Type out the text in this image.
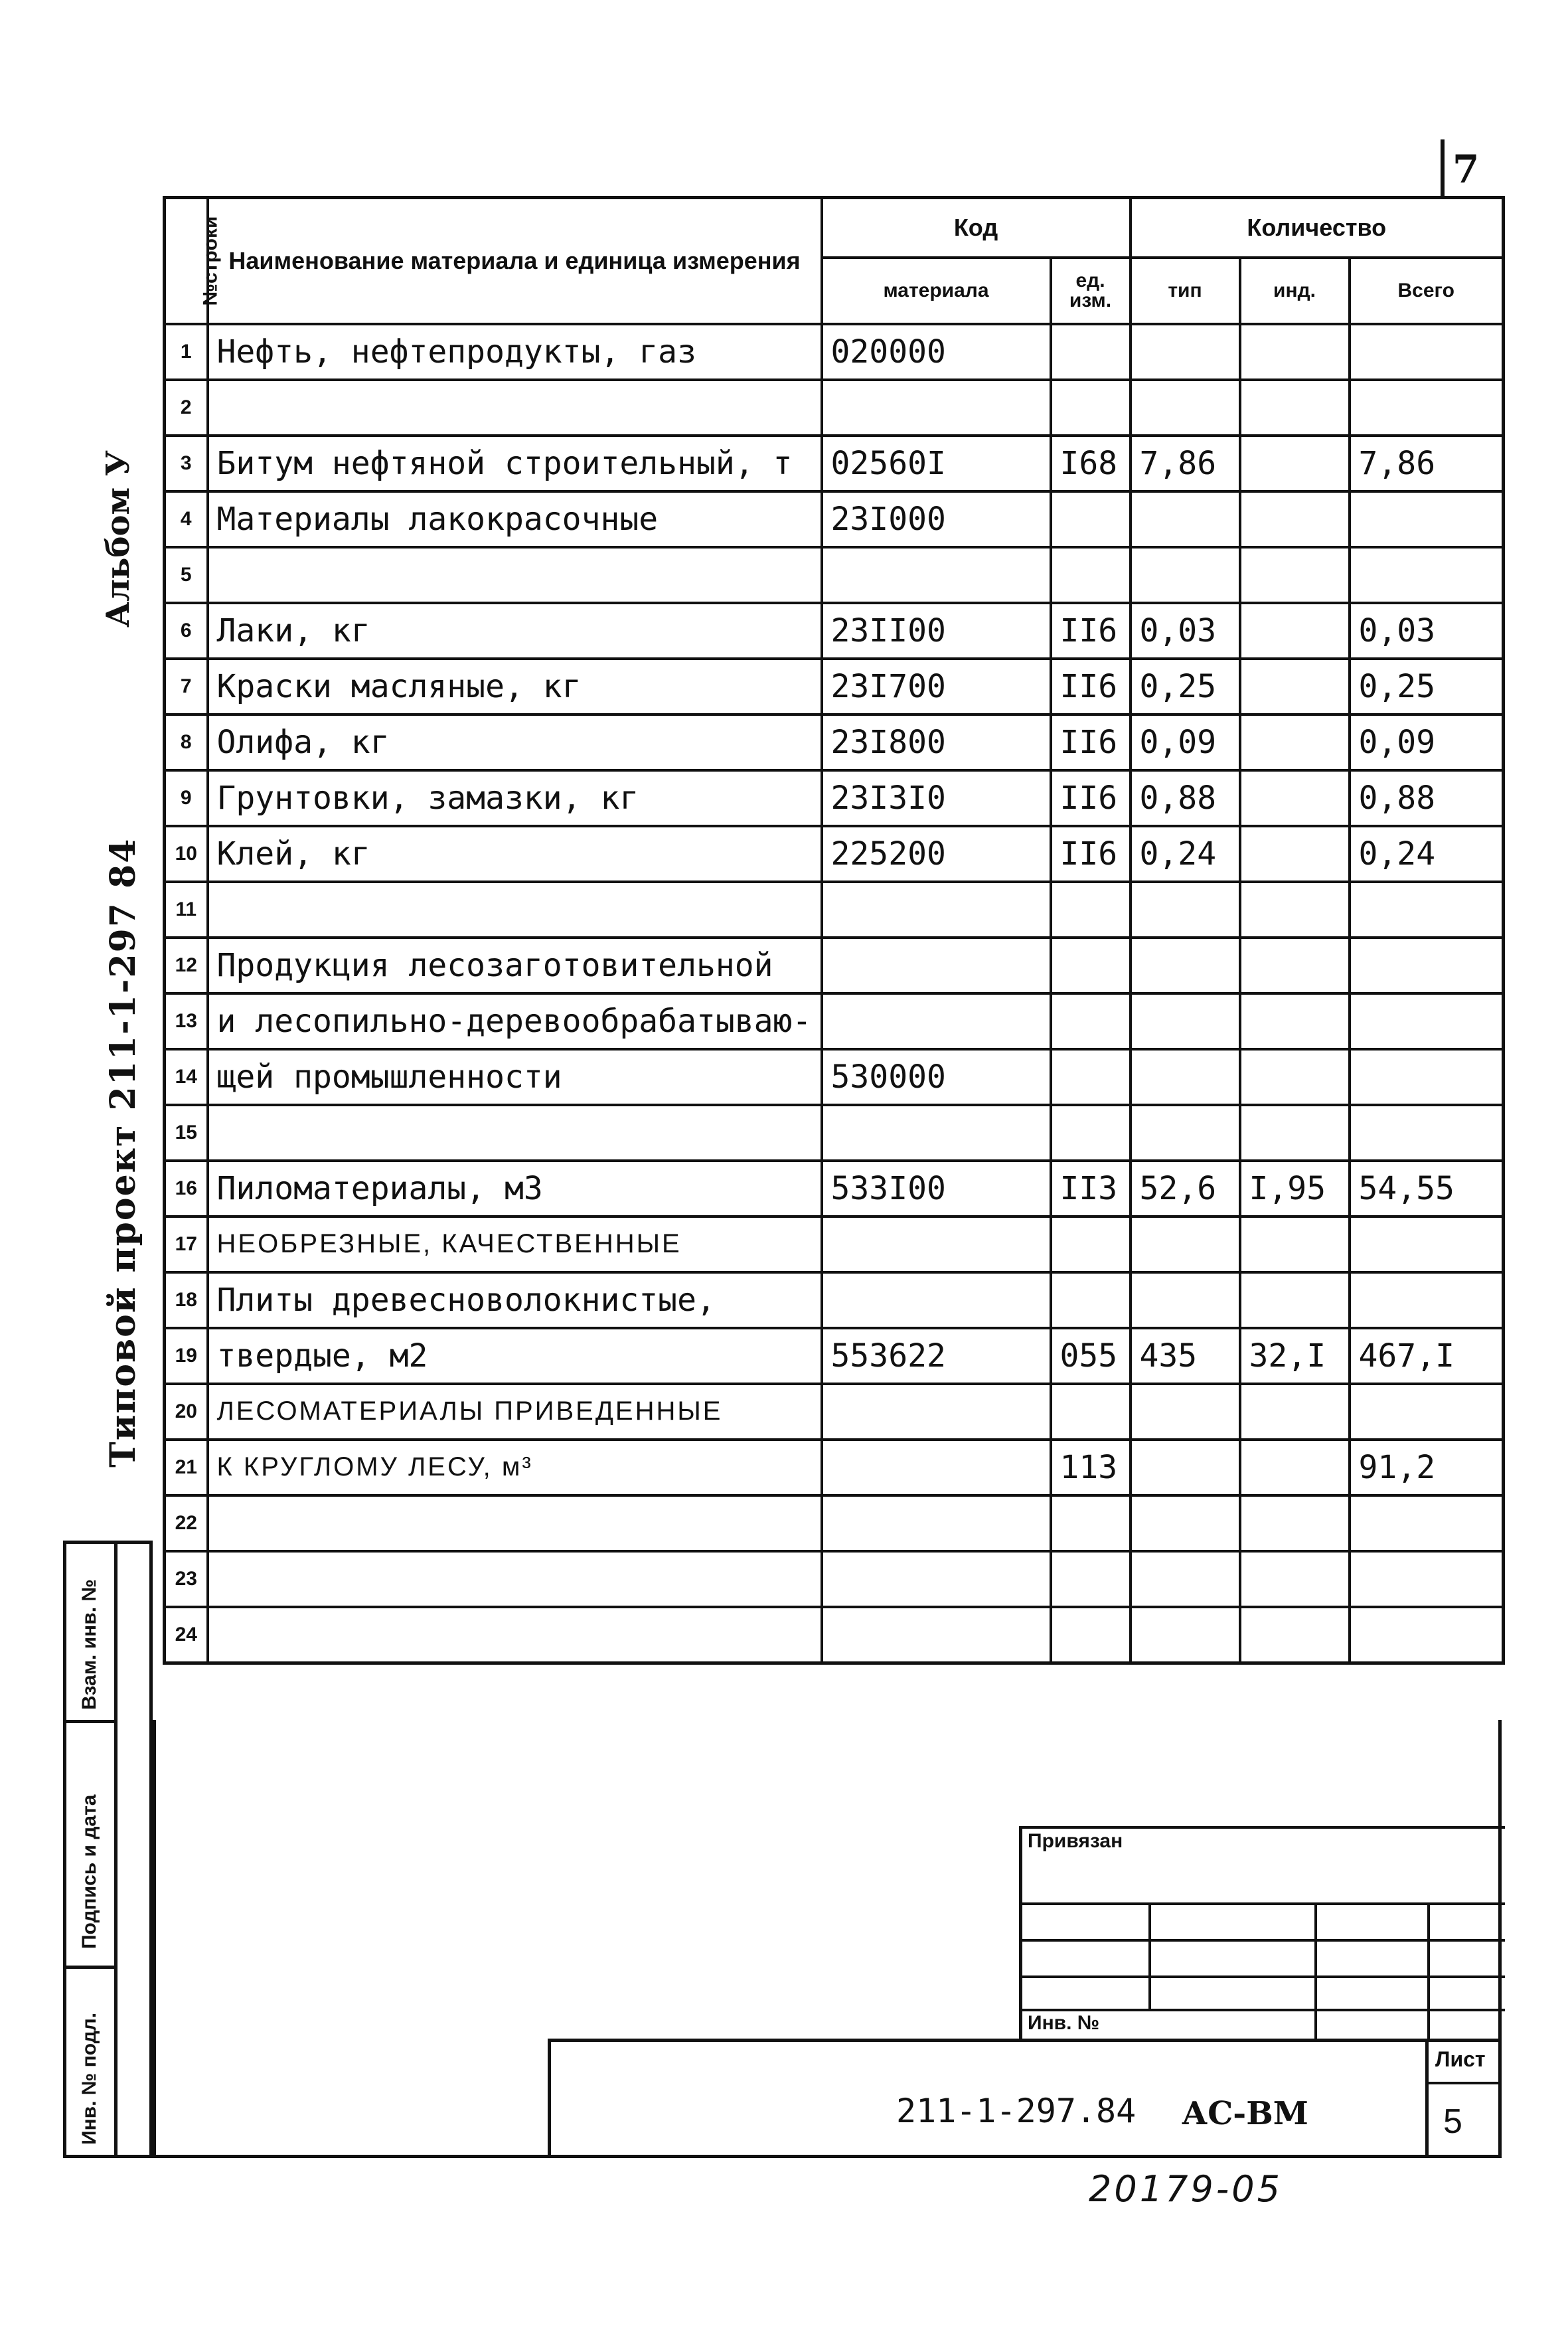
7
Альбом У
Типовой проект 211-1-297 84
№строки	Наименование материала и единица измерения	Код		Количество		
		материала	ед. изм.	тип	инд.	Всего
1	Нефть, нефтепродукты, газ	020000				
2						
3	Битум нефтяной строительный, т	02560I	I68	7,86		7,86
4	Материалы лакокрасочные	23I000				
5						
6	Лаки, кг	23II00	II6	0,03		0,03
7	Краски масляные, кг	23I700	II6	0,25		0,25
8	Олифа, кг	23I800	II6	0,09		0,09
9	Грунтовки, замазки, кг	23I3I0	II6	0,88		0,88
10	Клей, кг	225200	II6	0,24		0,24
11						
12	Продукция лесозаготовительной					
13	и лесопильно-деревообрабатываю-					
14	щей промышленности	530000				
15						
16	Пиломатериалы, м3	533I00	II3	52,6	I,95	54,55
17	НЕОБРЕЗНЫЕ, КАЧЕСТВЕННЫЕ					
18	Плиты древесноволокнистые,					
19	твердые, м2	553622	055	435	32,I	467,I
20	ЛЕСОМАТЕРИАЛЫ ПРИВЕДЕННЫЕ					
21	К КРУГЛОМУ ЛЕСУ, м³		113			91,2
22						
23						
24						
Взам. инв. №
Подпись и дата
Инв. № подл.
Привязан
Инв. №
211-1-297.84 АС-ВМ
Лист
5
20179-05
